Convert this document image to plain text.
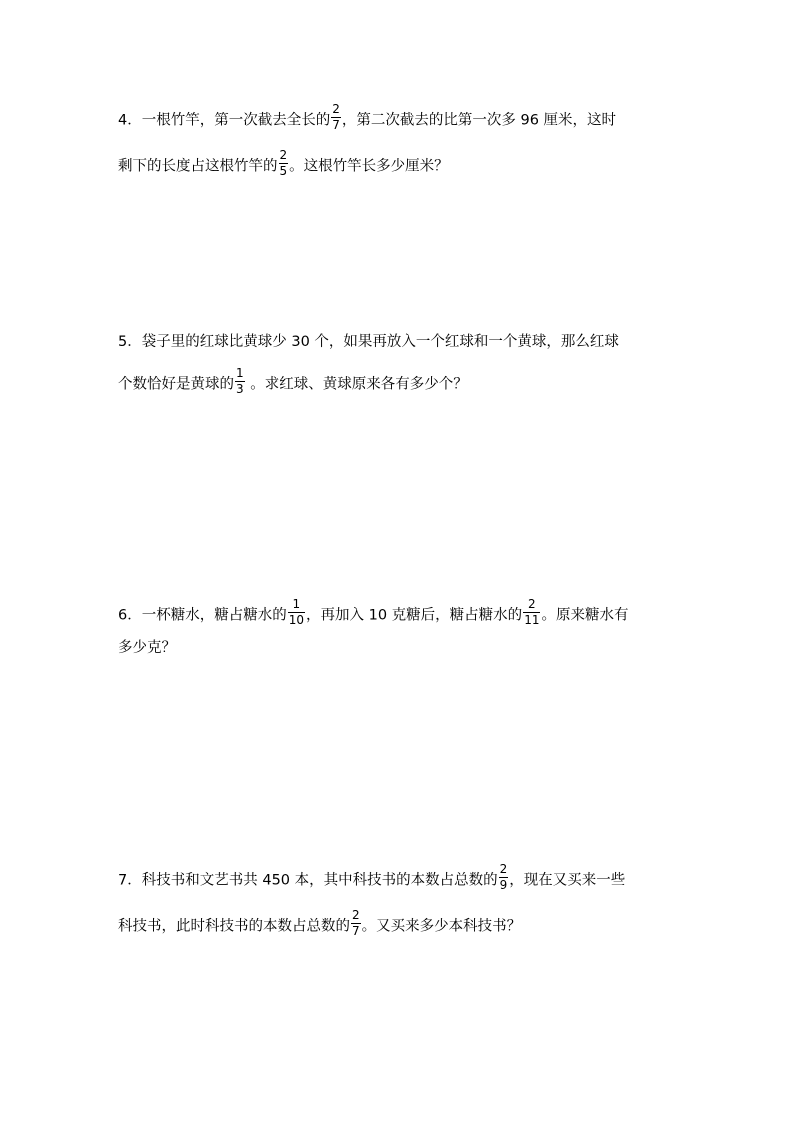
4．一根竹竿，第一次截去全长的 $\frac{2}{7}$ ，第二次截去的比第一次多 96 厘米，这时
剩下的长度占这根竹竿的 $\frac{2}{5}$ 。这根竹竿长多少厘米？
5．袋子里的红球比黄球少 30 个，如果再放入一个红球和一个黄球，那么红球
个数恰好是黄球的 $\frac{1}{3}$ 。求红球、黄球原来各有多少个？
6．一杯糖水，糖占糖水的 $\frac{1}{10}$ ，再加入 10 克糖后，糖占糖水的 $\frac{2}{11}$ 。原来糖水有
多少克？
7．科技书和文艺书共 450 本，其中科技书的本数占总数的 $\frac{2}{9}$ ，现在又买来一些
科技书，此时科技书的本数占总数的 $\frac{2}{7}$ 。又买来多少本科技书？
